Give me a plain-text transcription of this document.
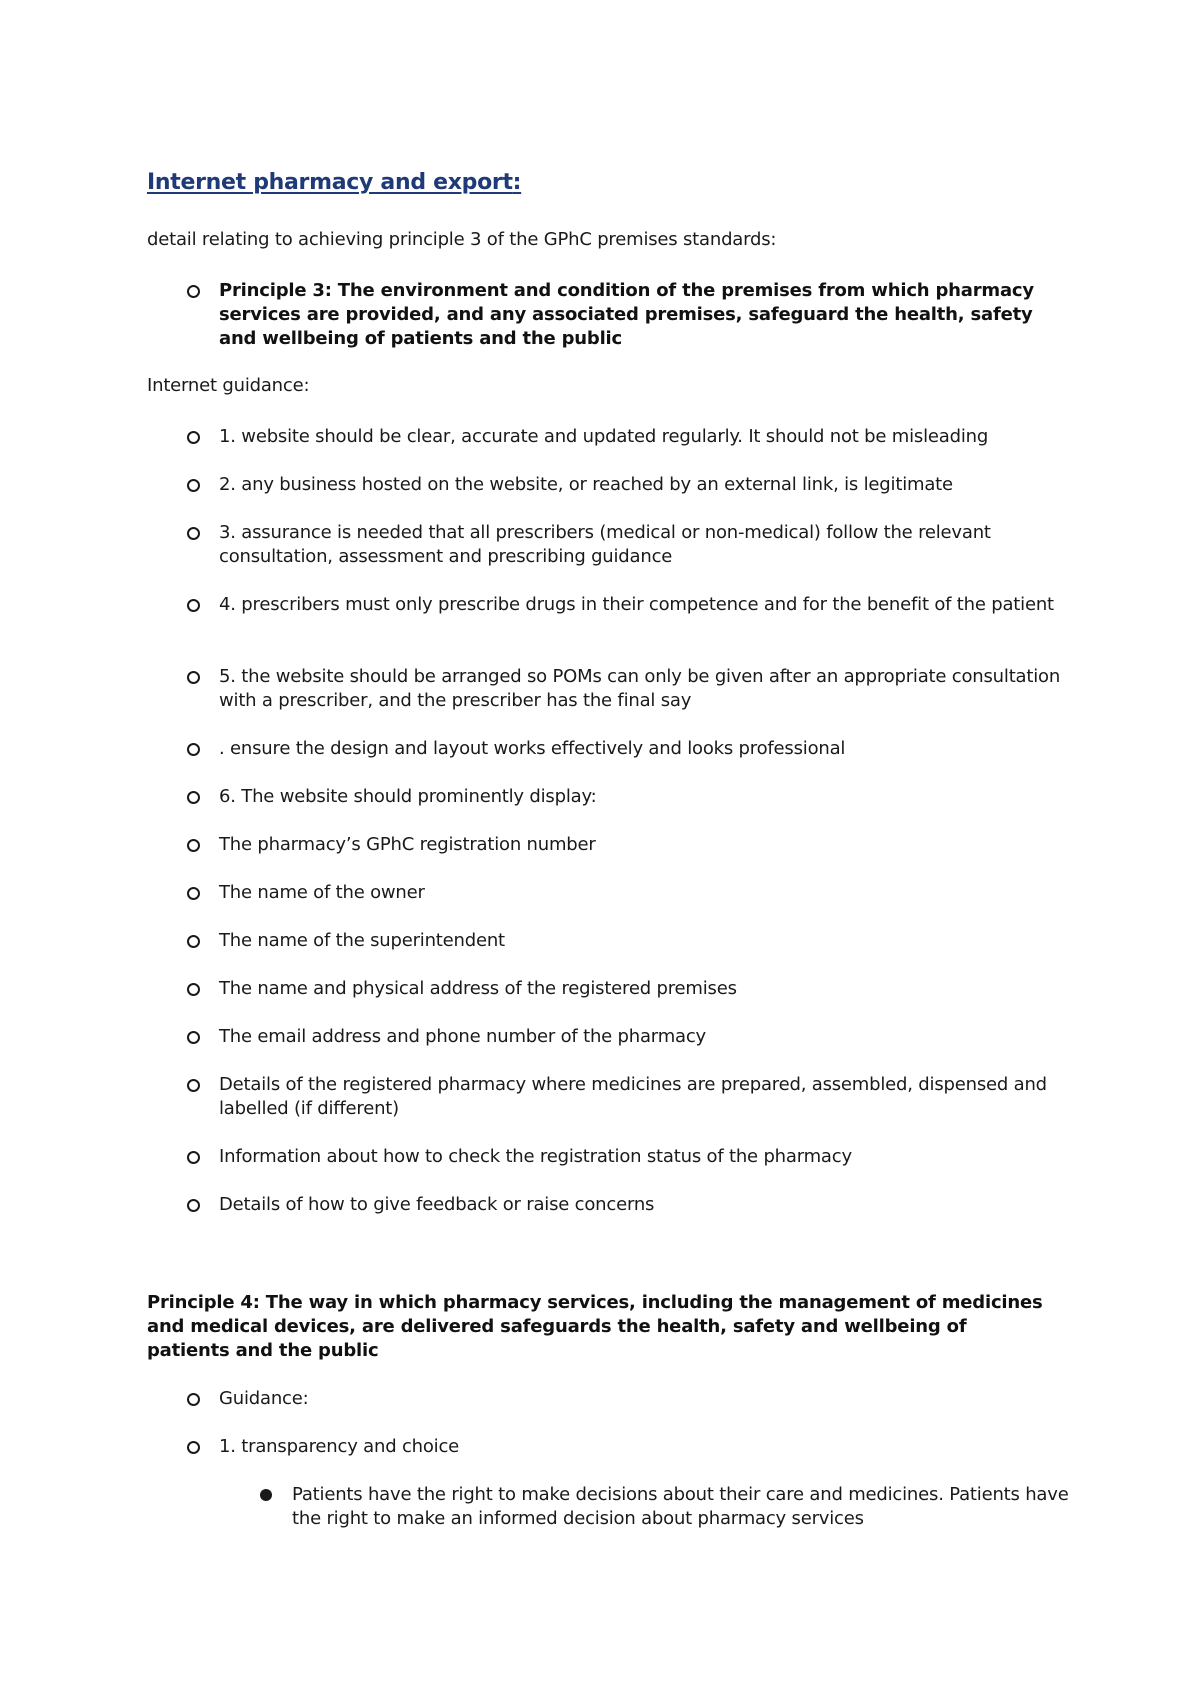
Internet pharmacy and export:
detail relating to achieving principle 3 of the GPhC premises standards:
Principle 3: The environment and condition of the premises from which pharmacy services are provided, and any associated premises, safeguard the health, safety and wellbeing of patients and the public
Internet guidance:
1. website should be clear, accurate and updated regularly. It should not be misleading
2. any business hosted on the website, or reached by an external link, is legitimate
3. assurance is needed that all prescribers (medical or non-medical) follow the relevant consultation, assessment and prescribing guidance
4. prescribers must only prescribe drugs in their competence and for the benefit of the patient
5. the website should be arranged so POMs can only be given after an appropriate consultation with a prescriber, and the prescriber has the final say
. ensure the design and layout works effectively and looks professional
6. The website should prominently display:
The pharmacy’s GPhC registration number
The name of the owner
The name of the superintendent
The name and physical address of the registered premises
The email address and phone number of the pharmacy
Details of the registered pharmacy where medicines are prepared, assembled, dispensed and labelled (if different)
Information about how to check the registration status of the pharmacy
Details of how to give feedback or raise concerns
Principle 4: The way in which pharmacy services, including the management of medicines and medical devices, are delivered safeguards the health, safety and wellbeing of patients and the public
Guidance:
1. transparency and choice
Patients have the right to make decisions about their care and medicines. Patients have the right to make an informed decision about pharmacy services
